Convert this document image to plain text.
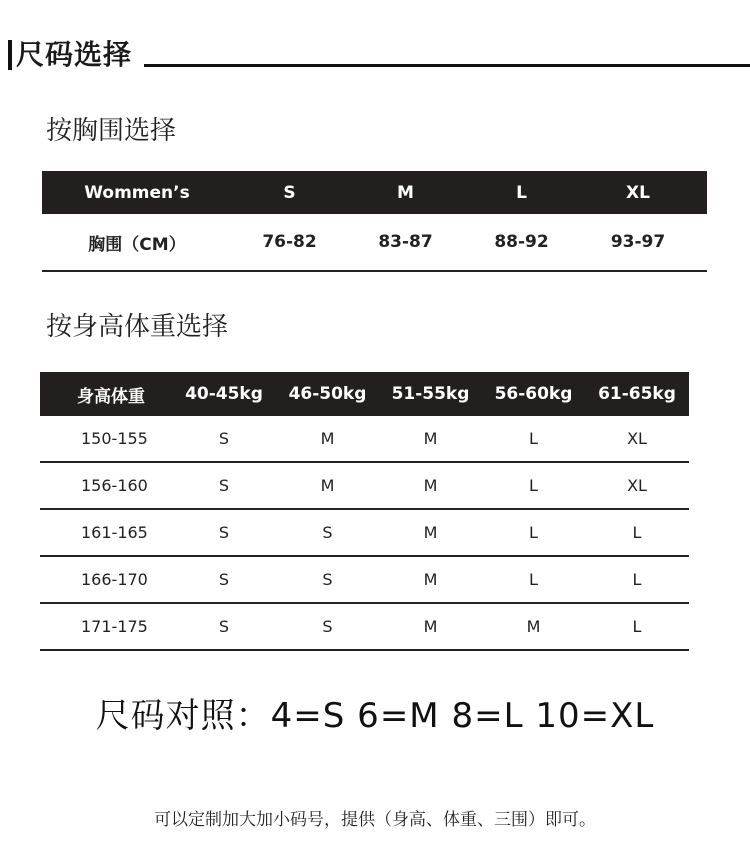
尺码选择
按胸围选择
Wommen’s	S	M	L	XL
胸围（CM）	76-82	83-87	88-92	93-97
按身高体重选择
身高体重	40-45kg	46-50kg	51-55kg	56-60kg	61-65kg
150-155	S	M	M	L	XL
156-160	S	M	M	L	XL
161-165	S	S	M	L	L
166-170	S	S	M	L	L
171-175	S	S	M	M	L
尺码对照：4=S 6=M 8=L 10=XL
可以定制加大加小码号，提供（身高、体重、三围）即可。
